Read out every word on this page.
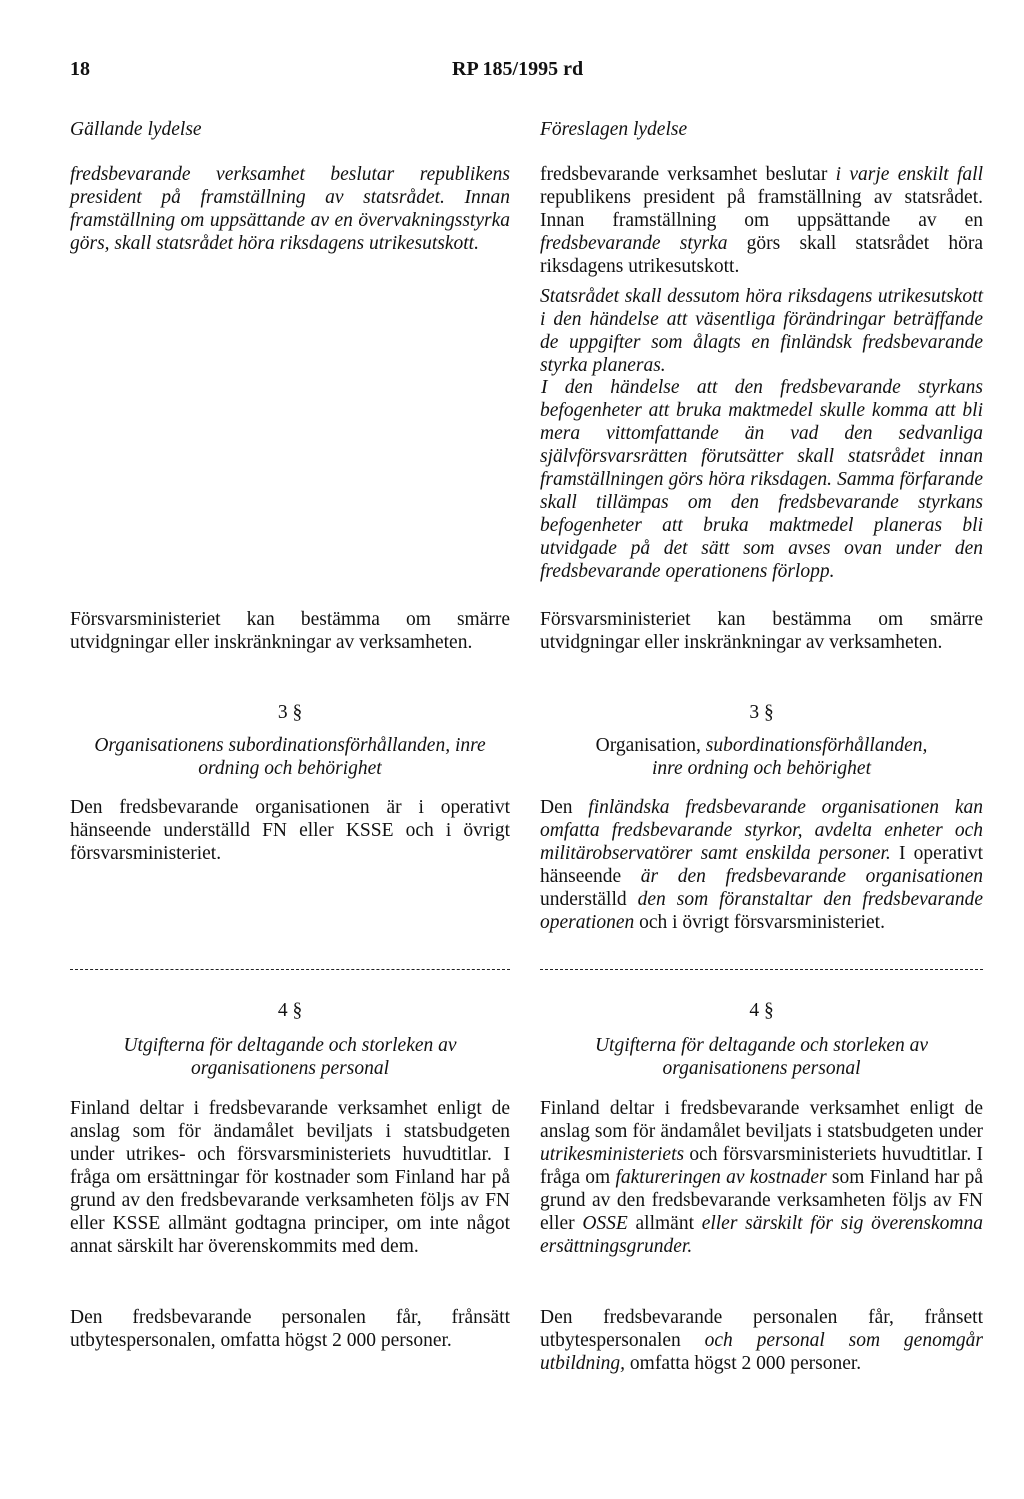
18	RP 185/1995 rd
Gällande lydelse	Föreslagen lydelse

fredsbevarande verksamhet beslutar republikens president på framställning av statsrådet. Innan framställning om uppsättande av en övervakningsstyrka görs, skall statsrådet höra riksdagens utrikesutskott.

Försvarsministeriet kan bestämma om smärre utvidgningar eller inskränkningar av verksamheten.

3 §
Organisationens subordinationsförhållanden, inre ordning och behörighet

Den fredsbevarande organisationen är i operativt hänseende underställd FN eller KSSE och i övrigt försvarsministeriet.

4 §
Utgifterna för deltagande och storleken av organisationens personal

Finland deltar i fredsbevarande verksamhet enligt de anslag som för ändamålet beviljats i statsbudgeten under utrikes- och försvarsministeriets huvudtitlar. I fråga om ersättningar för kostnader som Finland har på grund av den fredsbevarande verksamheten följs av FN eller KSSE allmänt godtagna principer, om inte något annat särskilt har överenskommits med dem.

Den fredsbevarande personalen får, frånsätt utbytespersonalen, omfatta högst 2 000 personer.

fredsbevarande verksamhet beslutar i varje enskilt fall republikens president på framställning av statsrådet. Innan framställning om uppsättande av en fredsbevarande styrka görs skall statsrådet höra riksdagens utrikesutskott.

Statsrådet skall dessutom höra riksdagens utrikesutskott i den händelse att väsentliga förändringar beträffande de uppgifter som ålagts en finländsk fredsbevarande styrka planeras.

I den händelse att den fredsbevarande styrkans befogenheter att bruka maktmedel skulle komma att bli mera vittomfattande än vad den sedvanliga självförsvarsrätten förutsätter skall statsrådet innan framställningen görs höra riksdagen. Samma förfarande skall tillämpas om den fredsbevarande styrkans befogenheter att bruka maktmedel planeras bli utvidgade på det sätt som avses ovan under den fredsbevarande operationens förlopp.

Försvarsministeriet kan bestämma om smärre utvidgningar eller inskränkningar av verksamheten.

3 §
Organisation, subordinationsförhållanden,
inre ordning och behörighet

Den finländska fredsbevarande organisationen kan omfatta fredsbevarande styrkor, avdelta enheter och militärobservatörer samt enskilda personer. I operativt hänseende är den fredsbevarande organisationen underställd den som föranstaltar den fredsbevarande operationen och i övrigt försvarsministeriet.

4 §
Utgifterna för deltagande och storleken av organisationens personal

Finland deltar i fredsbevarande verksamhet enligt de anslag som för ändamålet beviljats i statsbudgeten under utrikesministeriets och försvarsministeriets huvudtitlar. I fråga om faktureringen av kostnader som Finland har på grund av den fredsbevarande verksamheten följs av FN eller OSSE allmänt eller särskilt för sig överenskomna ersättningsgrunder.

Den fredsbevarande personalen får, frånsett utbytespersonalen och personal som genomgår utbildning, omfatta högst 2 000 personer.
